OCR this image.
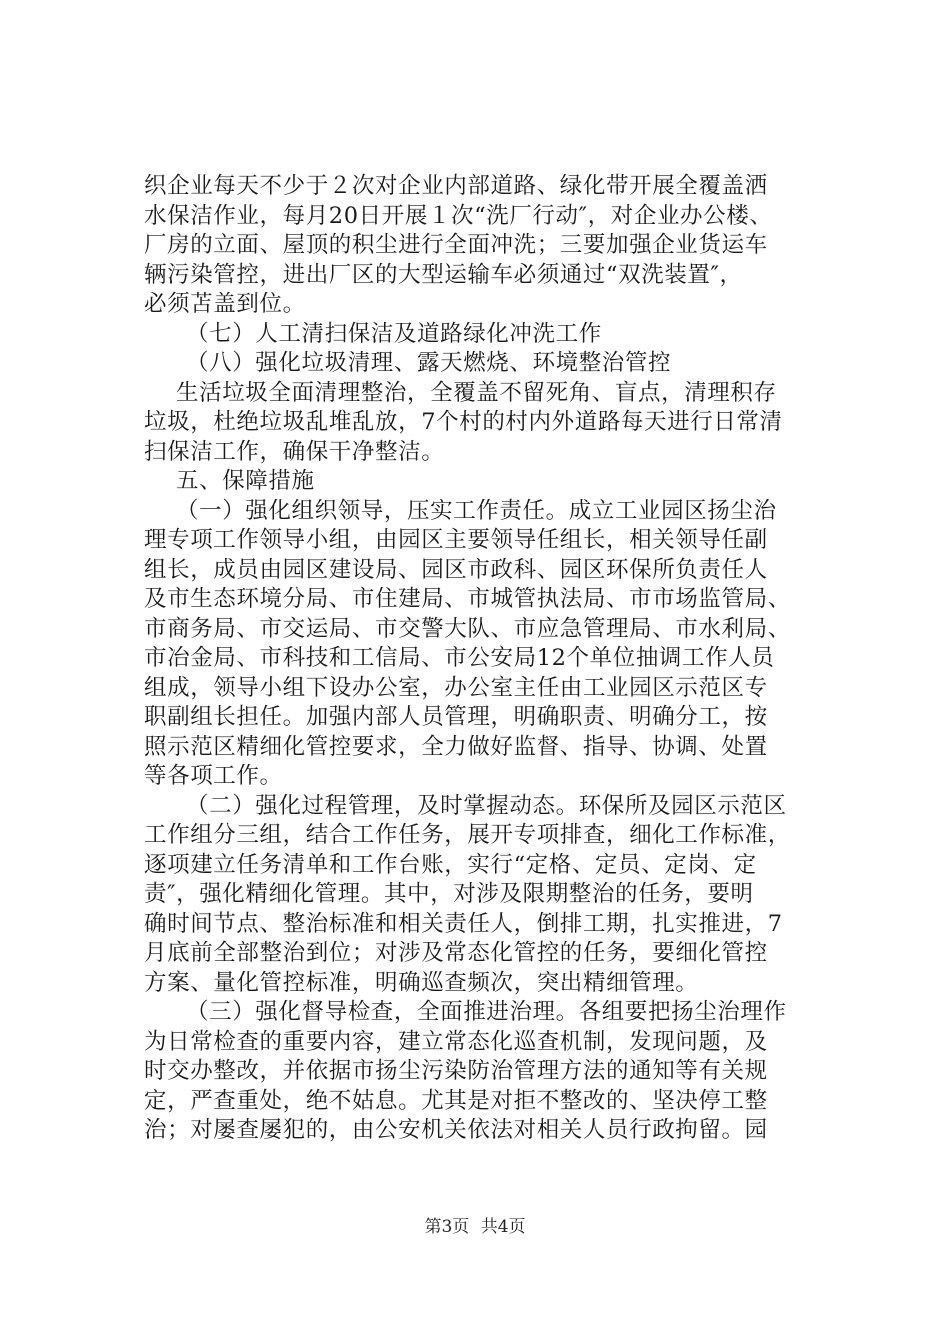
织企业每天不少于２次对企业内部道路、绿化带开展全覆盖洒
水保洁作业，每月20日开展１次“洗厂行动″，对企业办公楼、
厂房的立面、屋顶的积尘进行全面冲洗；三要加强企业货运车
辆污染管控，进出厂区的大型运输车必须通过“双洗装置″，
必须苫盖到位。
（七）人工清扫保洁及道路绿化冲洗工作
（八）强化垃圾清理、露天燃烧、环境整治管控
生活垃圾全面清理整治，全覆盖不留死角、盲点，清理积存
垃圾，杜绝垃圾乱堆乱放，7个村的村内外道路每天进行日常清
扫保洁工作，确保干净整洁。
五、保障措施
（一）强化组织领导，压实工作责任。成立工业园区扬尘治
理专项工作领导小组，由园区主要领导任组长，相关领导任副
组长，成员由园区建设局、园区市政科、园区环保所负责任人
及市生态环境分局、市住建局、市城管执法局、市市场监管局、
市商务局、市交运局、市交警大队、市应急管理局、市水利局、
市冶金局、市科技和工信局、市公安局12个单位抽调工作人员
组成，领导小组下设办公室，办公室主任由工业园区示范区专
职副组长担任。加强内部人员管理，明确职责、明确分工，按
照示范区精细化管控要求，全力做好监督、指导、协调、处置
等各项工作。
（二）强化过程管理，及时掌握动态。环保所及园区示范区
工作组分三组，结合工作任务，展开专项排查，细化工作标准，
逐项建立任务清单和工作台账，实行“定格、定员、定岗、定
责″，强化精细化管理。其中，对涉及限期整治的任务，要明
确时间节点、整治标准和相关责任人，倒排工期，扎实推进，7
月底前全部整治到位；对涉及常态化管控的任务，要细化管控
方案、量化管控标准，明确巡查频次，突出精细管理。
（三）强化督导检查，全面推进治理。各组要把扬尘治理作
为日常检查的重要内容，建立常态化巡查机制，发现问题，及
时交办整改，并依据市扬尘污染防治管理方法的通知等有关规
定，严查重处，绝不姑息。尤其是对拒不整改的、坚决停工整
治；对屡查屡犯的，由公安机关依法对相关人员行政拘留。园
第3页 共4页
